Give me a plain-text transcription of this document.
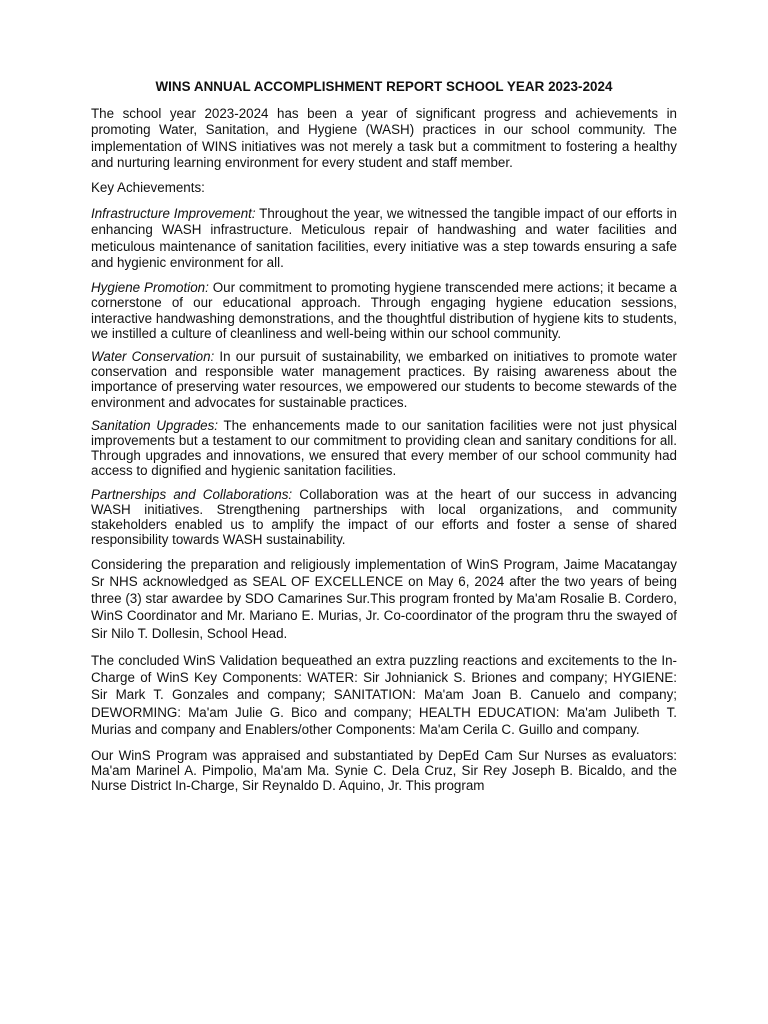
WINS ANNUAL ACCOMPLISHMENT REPORT SCHOOL YEAR 2023-2024

The school year 2023-2024 has been a year of significant progress and achievements in promoting Water, Sanitation, and Hygiene (WASH) practices in our school community. The implementation of WINS initiatives was not merely a task but a commitment to fostering a healthy and nurturing learning environment for every student and staff member.

Key Achievements:

Infrastructure Improvement: Throughout the year, we witnessed the tangible impact of our efforts in enhancing WASH infrastructure. Meticulous repair of handwashing and water facilities and meticulous maintenance of sanitation facilities, every initiative was a step towards ensuring a safe and hygienic environment for all.

Hygiene Promotion: Our commitment to promoting hygiene transcended mere actions; it became a cornerstone of our educational approach. Through engaging hygiene education sessions, interactive handwashing demonstrations, and the thoughtful distribution of hygiene kits to students, we instilled a culture of cleanliness and well-being within our school community.

Water Conservation: In our pursuit of sustainability, we embarked on initiatives to promote water conservation and responsible water management practices. By raising awareness about the importance of preserving water resources, we empowered our students to become stewards of the environment and advocates for sustainable practices.

Sanitation Upgrades: The enhancements made to our sanitation facilities were not just physical improvements but a testament to our commitment to providing clean and sanitary conditions for all. Through upgrades and innovations, we ensured that every member of our school community had access to dignified and hygienic sanitation facilities.

Partnerships and Collaborations: Collaboration was at the heart of our success in advancing WASH initiatives. Strengthening partnerships with local organizations, and community stakeholders enabled us to amplify the impact of our efforts and foster a sense of shared responsibility towards WASH sustainability.

Considering the preparation and religiously implementation of WinS Program, Jaime Macatangay Sr NHS acknowledged as SEAL OF EXCELLENCE on May 6, 2024 after the two years of being three (3) star awardee by SDO Camarines Sur.This program fronted by Ma'am Rosalie B. Cordero, WinS Coordinator and Mr. Mariano E. Murias, Jr. Co-coordinator of the program thru the swayed of Sir Nilo T. Dollesin, School Head.

The concluded WinS Validation bequeathed an extra puzzling reactions and excitements to the In-Charge of WinS Key Components: WATER: Sir Johnianick S. Briones and company; HYGIENE: Sir Mark T. Gonzales and company; SANITATION: Ma'am Joan B. Canuelo and company; DEWORMING: Ma'am Julie G. Bico and company; HEALTH EDUCATION: Ma'am Julibeth T. Murias and company and Enablers/other Components: Ma'am Cerila C. Guillo and company.

Our WinS Program was appraised and substantiated by DepEd Cam Sur Nurses as evaluators: Ma'am Marinel A. Pimpolio, Ma'am Ma. Synie C. Dela Cruz, Sir Rey Joseph B. Bicaldo, and the Nurse District In-Charge, Sir Reynaldo D. Aquino, Jr. This program
